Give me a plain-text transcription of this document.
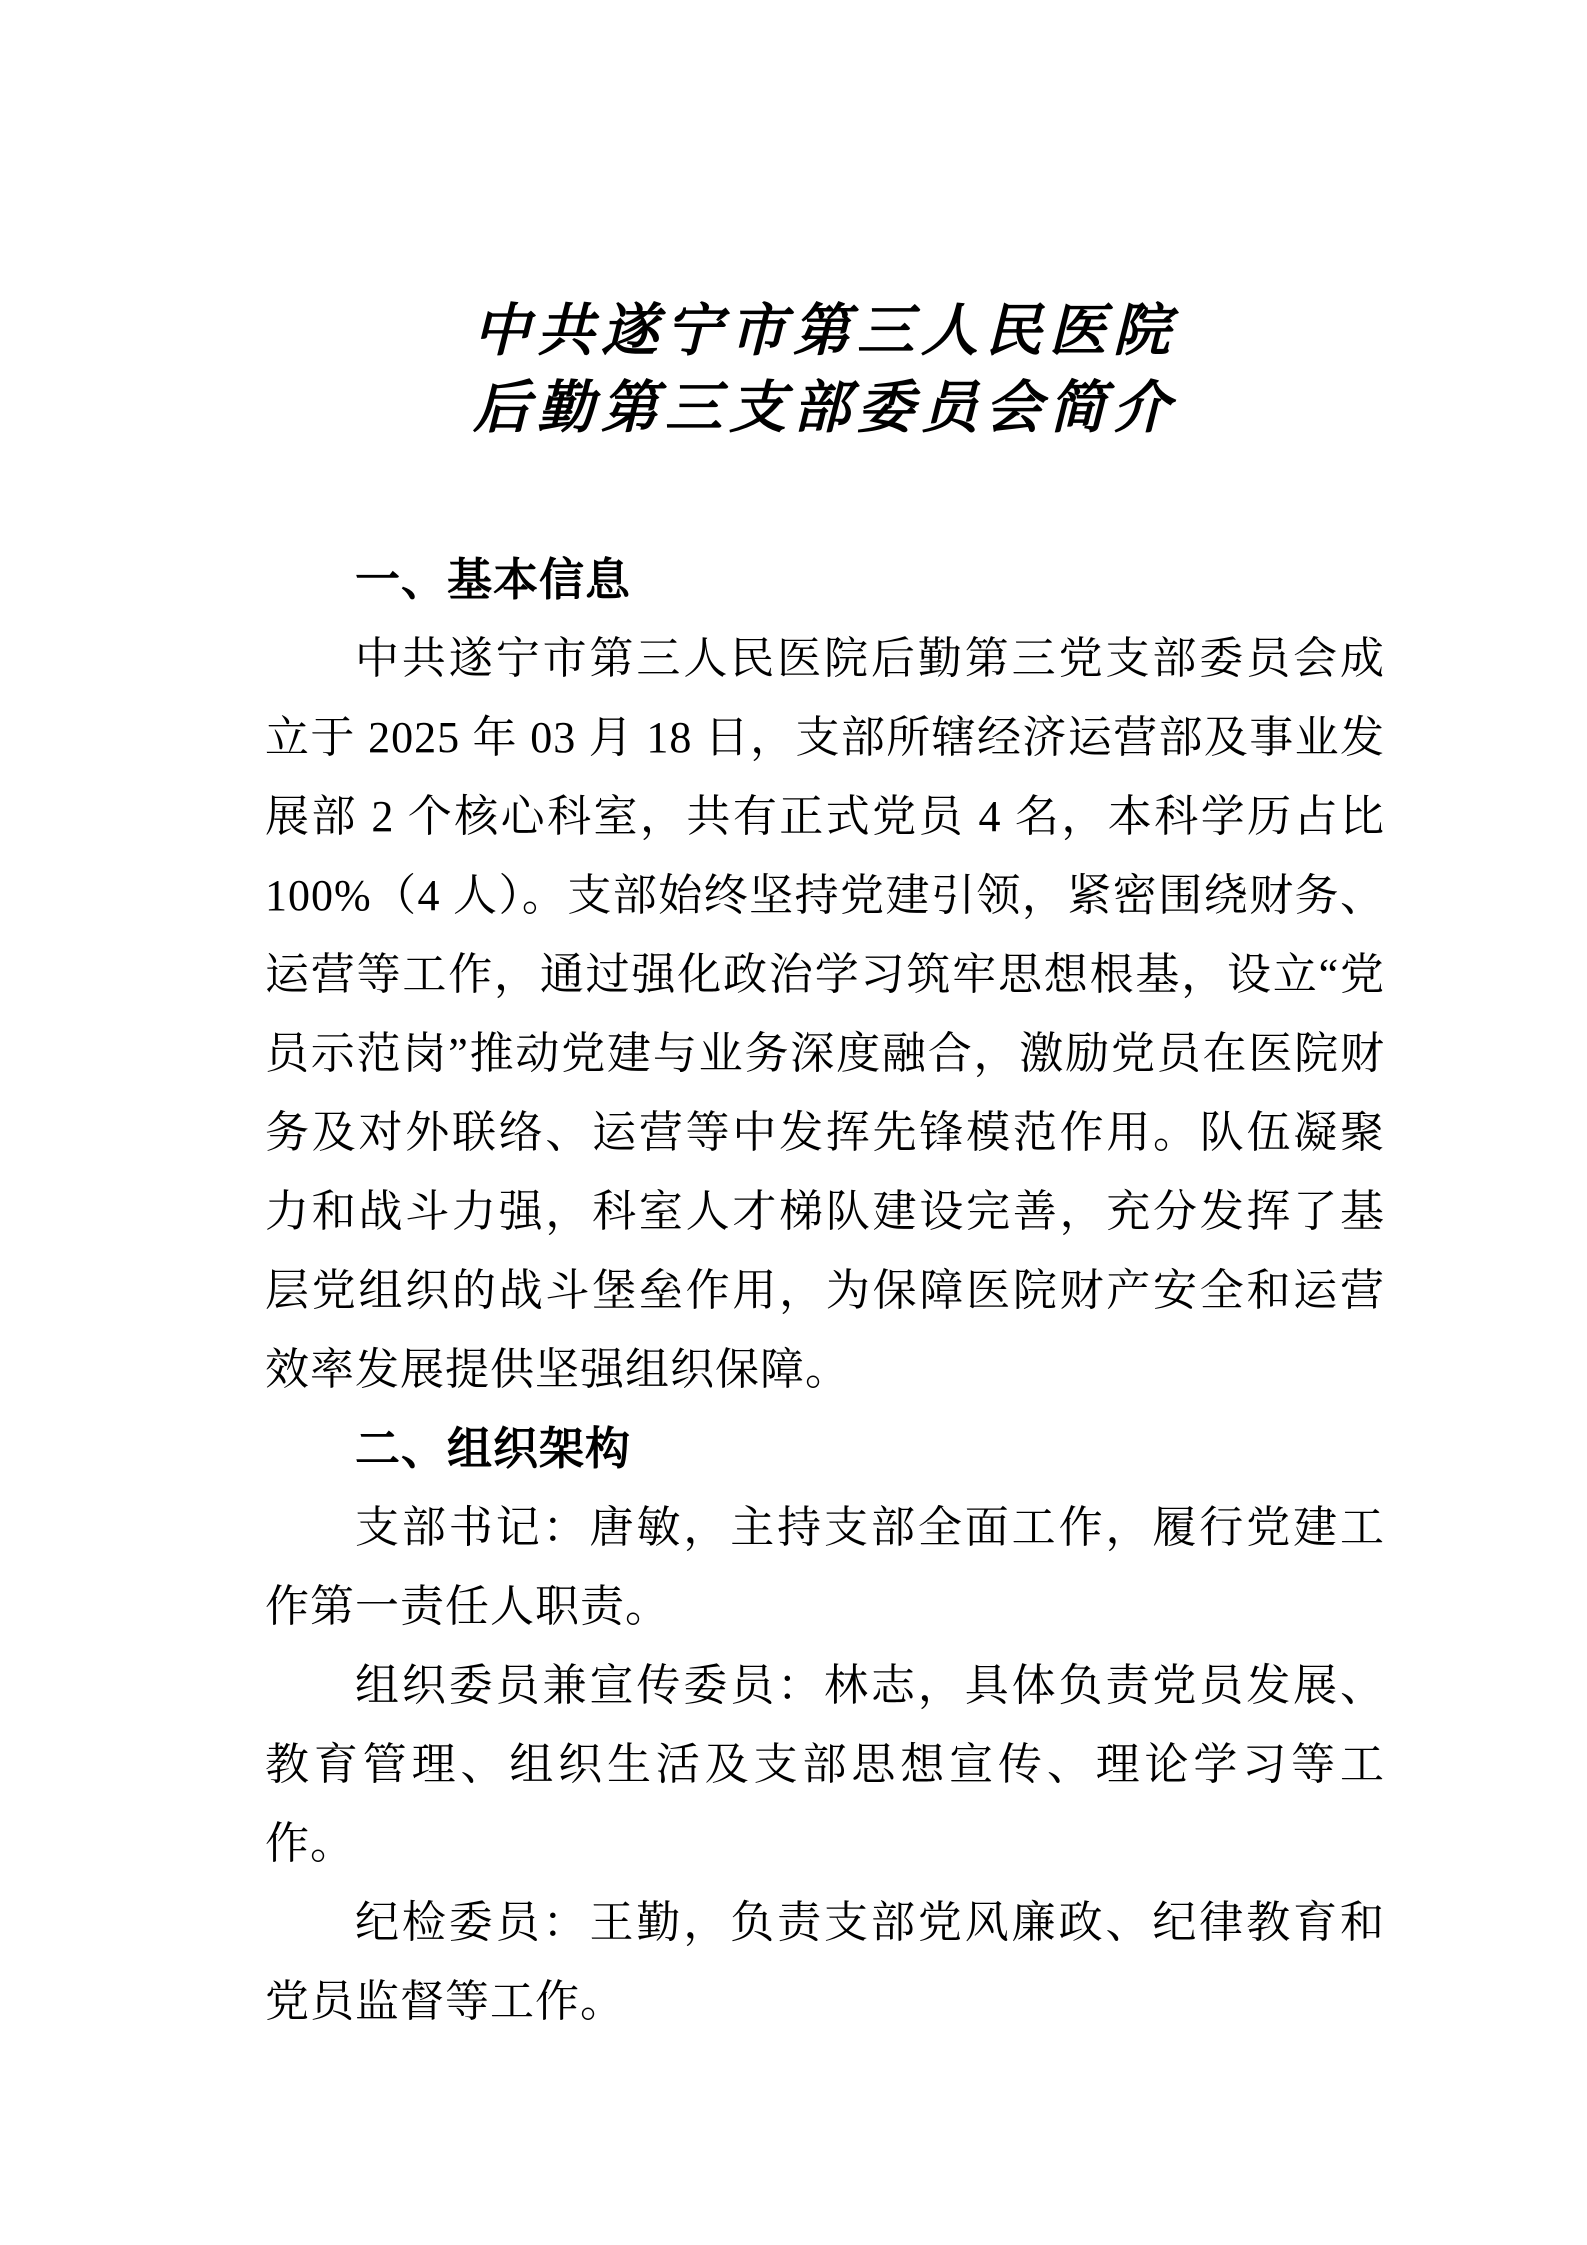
中共遂宁市第三人民医院
后勤第三支部委员会简介
一、基本信息

中共遂宁市第三人民医院后勤第三党支部委员会成立于 2025 年 03 月 18 日，支部所辖经济运营部及事业发展部 2 个核心科室，共有正式党员 4 名，本科学历占比 100%（4 人）。支部始终坚持党建引领，紧密围绕财务、运营等工作，通过强化政治学习筑牢思想根基，设立“党员示范岗”推动党建与业务深度融合，激励党员在医院财务及对外联络、运营等中发挥先锋模范作用。队伍凝聚力和战斗力强，科室人才梯队建设完善，充分发挥了基层党组织的战斗堡垒作用，为保障医院财产安全和运营效率发展提供坚强组织保障。

二、组织架构

支部书记：唐敏，主持支部全面工作，履行党建工作第一责任人职责。

组织委员兼宣传委员：林志，具体负责党员发展、教育管理、组织生活及支部思想宣传、理论学习等工作。

纪检委员：王勤，负责支部党风廉政、纪律教育和党员监督等工作。
